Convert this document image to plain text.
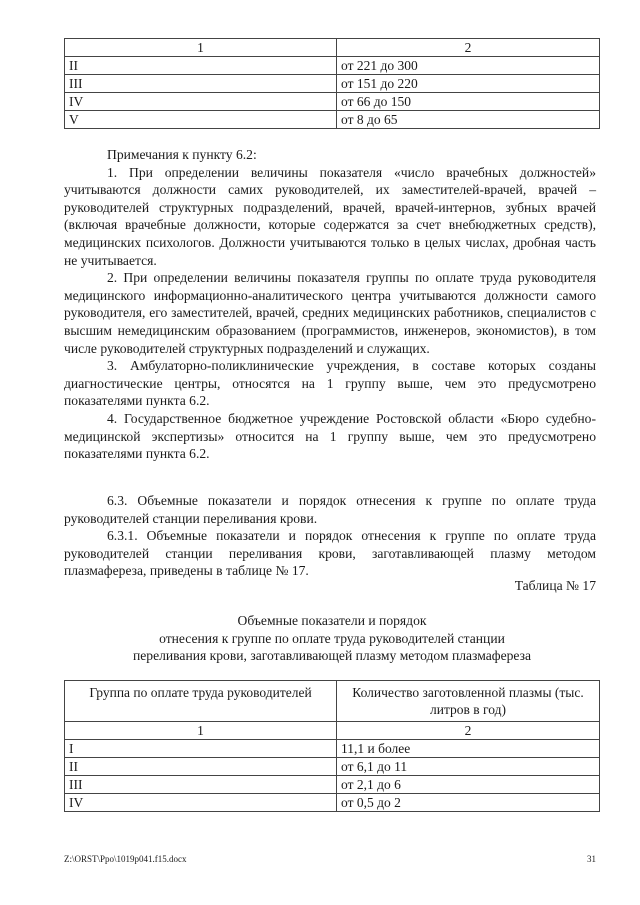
1	2
II	от 221 до 300
III	от 151 до 220
IV	от 66 до 150
V	от 8 до 65

Примечания к пункту 6.2:

1. При определении величины показателя «число врачебных должностей» учитываются должности самих руководителей, их заместителей-врачей, врачей – руководителей структурных подразделений, врачей, врачей-интернов, зубных врачей (включая врачебные должности, которые содержатся за счет внебюджетных средств), медицинских психологов. Должности учитываются только в целых числах, дробная часть не учитывается.

2. При определении величины показателя группы по оплате труда руководителя медицинского информационно-аналитического центра учитываются должности самого руководителя, его заместителей, врачей, средних медицинских работников, специалистов с высшим немедицинским образованием (программистов, инженеров, экономистов), в том числе руководителей структурных подразделений и служащих.

3. Амбулаторно-поликлинические учреждения, в составе которых созданы диагностические центры, относятся на 1 группу выше, чем это предусмотрено показателями пункта 6.2.

4. Государственное бюджетное учреждение Ростовской области «Бюро судебно-медицинской экспертизы» относится на 1 группу выше, чем это предусмотрено показателями пункта 6.2.

6.3. Объемные показатели и порядок отнесения к группе по оплате труда руководителей станции переливания крови.

6.3.1. Объемные показатели и порядок отнесения к группе по оплате труда руководителей станции переливания крови, заготавливающей плазму методом плазмафереза, приведены в таблице № 17.

Таблица № 17
Объемные показатели и порядок
отнесения к группе по оплате труда руководителей станции
переливания крови, заготавливающей плазму методом плазмафереза
Группа по оплате труда руководителей	Количество заготовленной плазмы (тыс. литров в год)
1	2
I	11,1 и более
II	от 6,1 до 11
III	от 2,1 до 6
IV	от 0,5 до 2
Z:\ORST\Ppo\1019p041.f15.docx	31
